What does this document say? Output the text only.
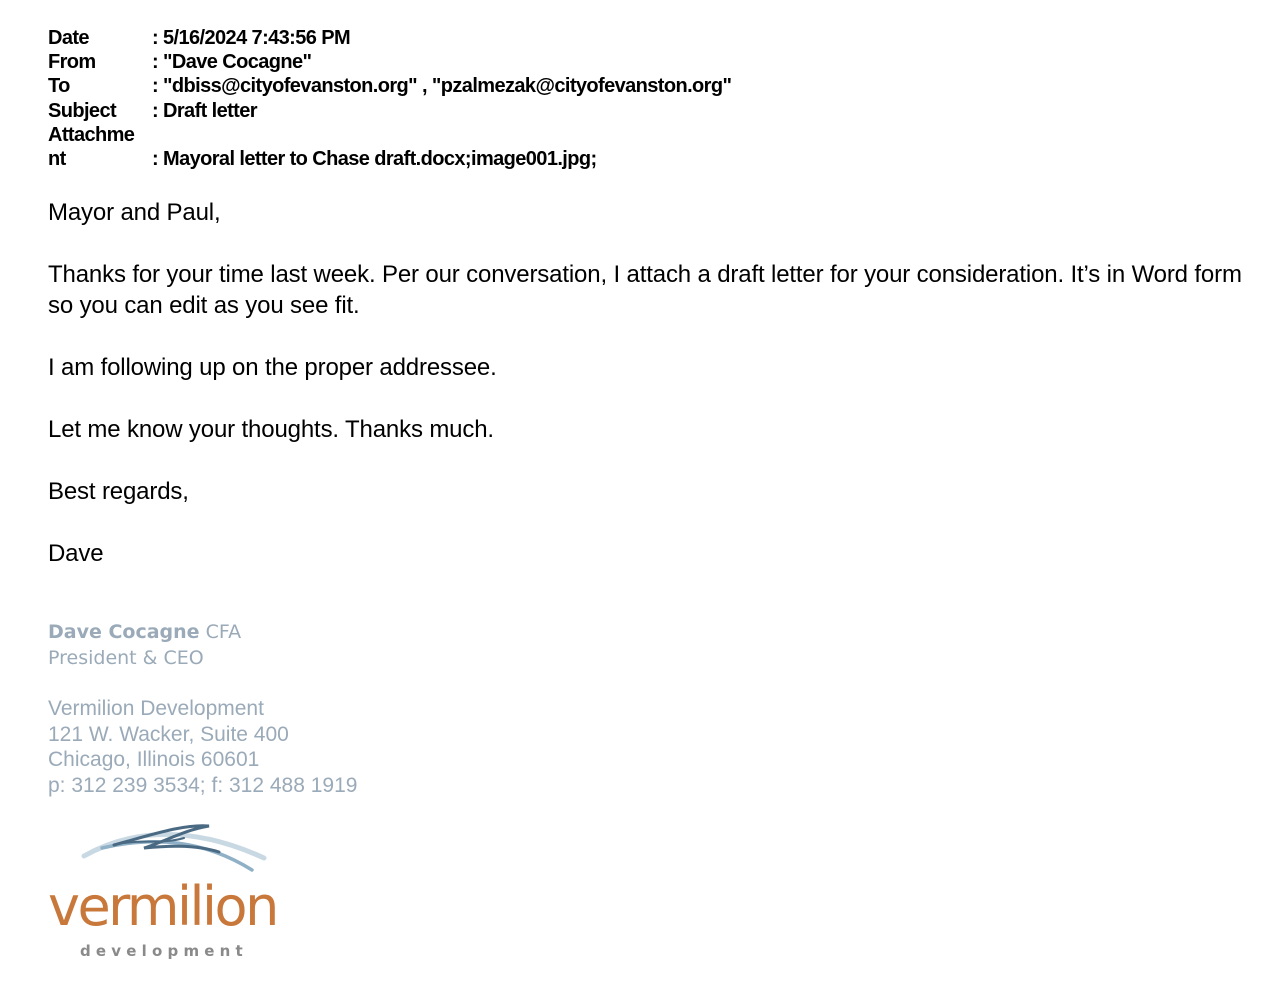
Date	: 5/16/2024 7:43:56 PM
From	: "Dave Cocagne"
To	: "dbiss@cityofevanston.org" , "pzalmezak@cityofevanston.org"
Subject	: Draft letter
Attachme
nt	: Mayoral letter to Chase draft.docx;image001.jpg;

Mayor and Paul,

Thanks for your time last week. Per our conversation, I attach a draft letter for your consideration. It’s in Word form so you can edit as you see fit.

I am following up on the proper addressee.

Let me know your thoughts. Thanks much.

Best regards,

Dave

Dave Cocagne CFA
President & CEO
Vermilion Development
121 W. Wacker, Suite 400
Chicago, Illinois 60601
p: 312 239 3534; f: 312 488 1919
vermilion
development
